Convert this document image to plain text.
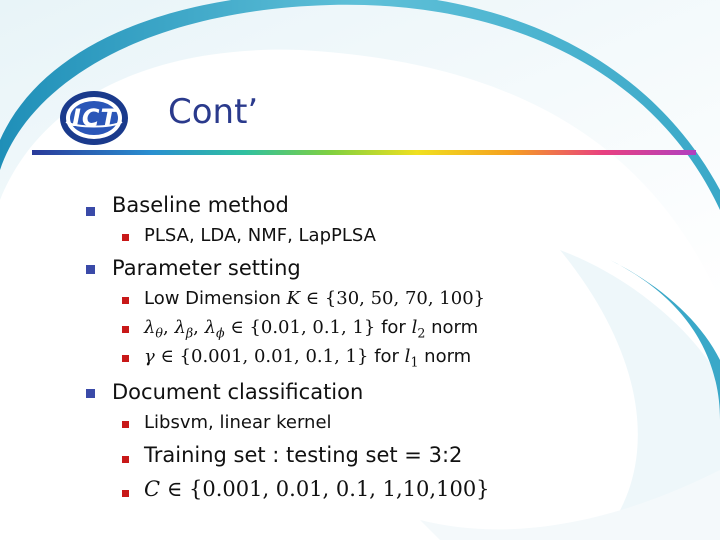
ICT Cont’
Baseline method
PLSA, LDA, NMF, LapPLSA
Parameter setting
Low Dimension K ∈ {30, 50, 70, 100}
$\lambda_\theta$, $\lambda_\beta$, $\lambda_\phi$ ∈ {0.01, 0.1, 1} for $l_2$ norm
γ ∈ {0.001, 0.01, 0.1, 1} for $l_1$ norm
Document classification
Libsvm, linear kernel
Training set : testing set = 3:2
C ∈ {0.001, 0.01, 0.1, 1,10,100}
